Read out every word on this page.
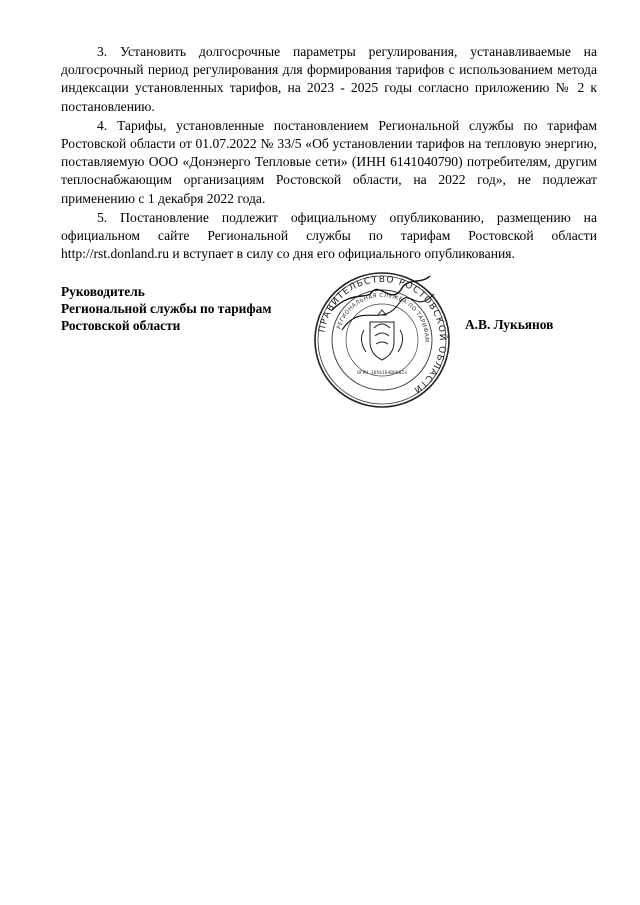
3. Установить долгосрочные параметры регулирования, устанавливаемые на долгосрочный период регулирования для формирования тарифов с использованием метода индексации установленных тарифов, на 2023 - 2025 годы согласно приложению № 2 к постановлению.

4. Тарифы, установленные постановлением Региональной службы по тарифам Ростовской области от 01.07.2022 № 33/5 «Об установлении тарифов на тепловую энергию, поставляемую ООО «Донэнерго Тепловые сети» (ИНН 6141040790) потребителям, другим теплоснабжающим организациям Ростовской области, на 2022 год», не подлежат применению с 1 декабря 2022 года.

5. Постановление подлежит официальному опубликованию, размещению на официальном сайте Региональной службы по тарифам Ростовской области http://rst.donland.ru и вступает в силу со дня его официального опубликования.

Руководитель
Региональной службы по тарифам
Ростовской области	ПРАВИТЕЛЬСТВО РОСТОВСКОЙ ОБЛАСТИ
РЕГИОНАЛЬНАЯ СЛУЖБА ПО ТАРИФАМ
ОГРН 1056164000023
А.В. Лукьянов
